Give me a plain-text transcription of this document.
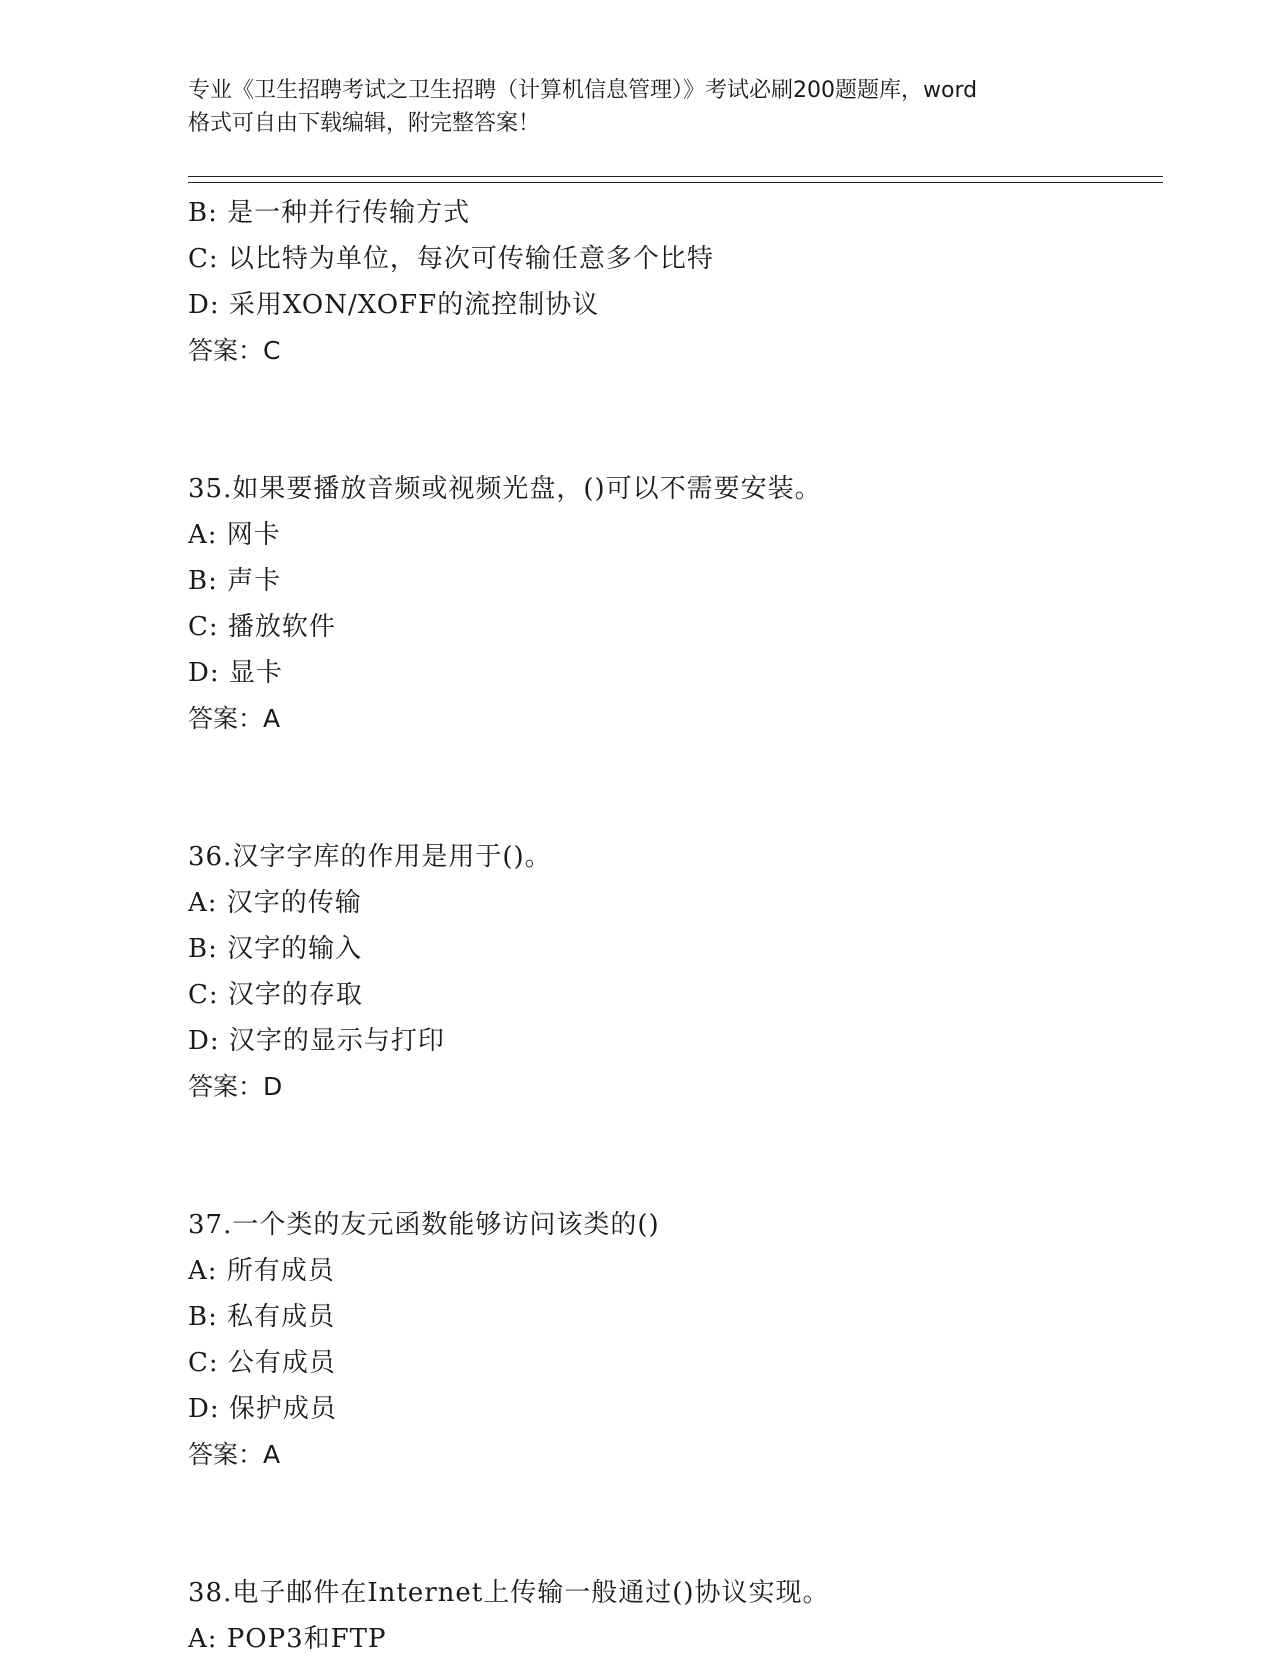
专业《卫生招聘考试之卫生招聘（计算机信息管理）》考试必刷200题题库，word
格式可自由下载编辑，附完整答案！
B: 是一种并行传输方式
C: 以比特为单位，每次可传输任意多个比特
D: 采用XON/XOFF的流控制协议
答案：C
35.如果要播放音频或视频光盘，()可以不需要安装。
A: 网卡
B: 声卡
C: 播放软件
D: 显卡
答案：A
36.汉字字库的作用是用于()。
A: 汉字的传输
B: 汉字的输入
C: 汉字的存取
D: 汉字的显示与打印
答案：D
37.一个类的友元函数能够访问该类的()
A: 所有成员
B: 私有成员
C: 公有成员
D: 保护成员
答案：A
38.电子邮件在Internet上传输一般通过()协议实现。
A: POP3和FTP
